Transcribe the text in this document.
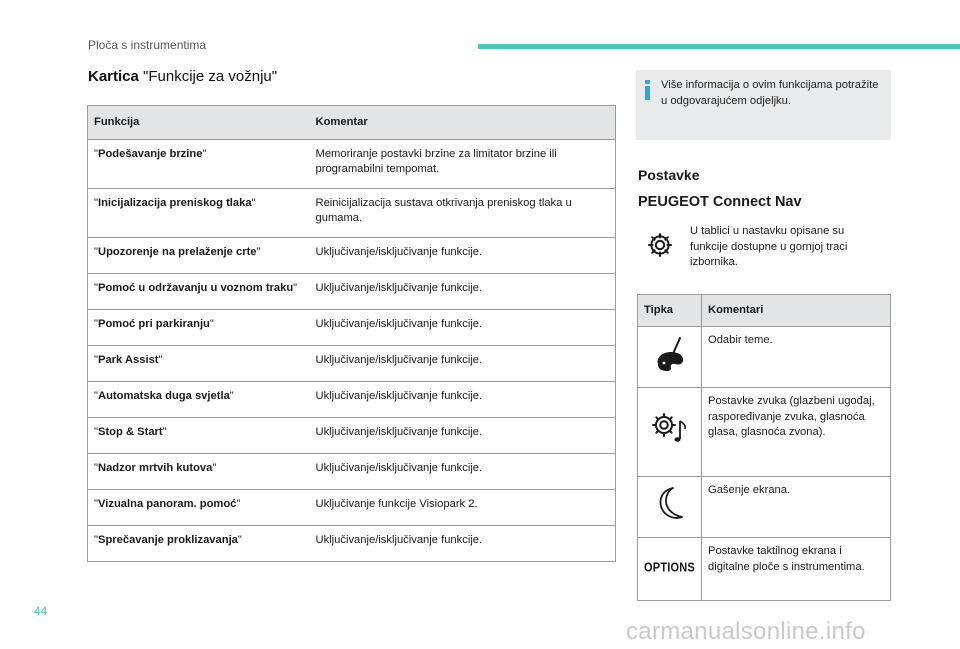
Ploča s instrumentima
Kartica "Funkcije za vožnju"
Funkcija	Komentar
"Podešavanje brzine"	Memoriranje postavki brzine za limitator brzine ili programabilni tempomat.
"Inicijalizacija preniskog tlaka"	Reinicijalizacija sustava otkrivanja preniskog tlaka u gumama.
"Upozorenje na prelaženje crte"	Uključivanje/isključivanje funkcije.
"Pomoć u održavanju u voznom traku"	Uključivanje/isključivanje funkcije.
"Pomoć pri parkiranju"	Uključivanje/isključivanje funkcije.
"Park Assist"	Uključivanje/isključivanje funkcije.
"Automatska duga svjetla"	Uključivanje/isključivanje funkcije.
"Stop & Start"	Uključivanje/isključivanje funkcije.
"Nadzor mrtvih kutova"	Uključivanje/isključivanje funkcije.
"Vizualna panoram. pomoć"	Uključivanje funkcije Visiopark 2.
"Sprečavanje proklizavanja"	Uključivanje/isključivanje funkcije.
Više informacija o ovim funkcijama potražite u odgovarajućem odjeljku.
Postavke
PEUGEOT Connect Nav
U tablici u nastavku opisane su funkcije dostupne u gornjoj traci izbornika.
Tipka	Komentari
	Odabir teme.
	Postavke zvuka (glazbeni ugođaj, raspoređivanje zvuka, glasnoća glasa, glasnoća zvona).
	Gašenje ekrana.
OPTIONS	Postavke taktilnog ekrana i digitalne ploče s instrumentima.
44
carmanualsonline.info
